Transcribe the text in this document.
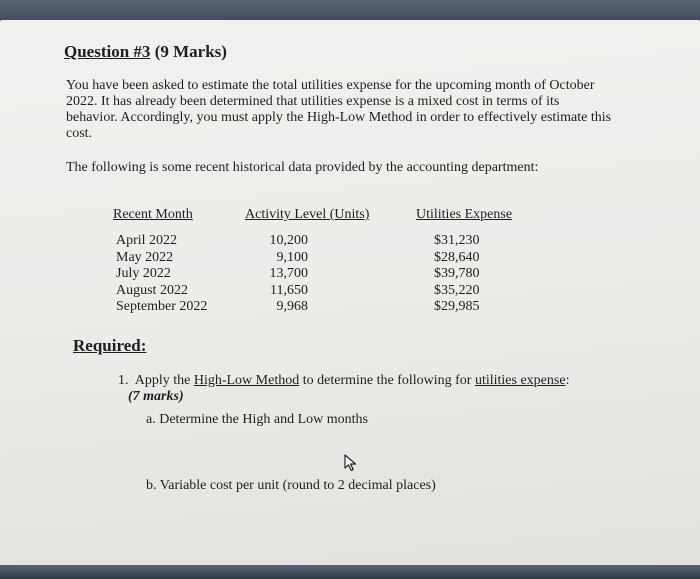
Question #3 (9 Marks)
You have been asked to estimate the total utilities expense for the upcoming month of October
2022. It has already been determined that utilities expense is a mixed cost in terms of its
behavior. Accordingly, you must apply the High-Low Method in order to effectively estimate this
cost.
The following is some recent historical data provided by the accounting department:
Recent Month	Activity Level (Units)	Utilities Expense
April 2022
May 2022
July 2022
August 2022
September 2022
10,200
9,100
13,700
11,650
9,968
$31,230
$28,640
$39,780
$35,220
$29,985
Required:
1. Apply the High-Low Method to determine the following for utilities expense:
(7 marks)
a. Determine the High and Low months
b. Variable cost per unit (round to 2 decimal places)
